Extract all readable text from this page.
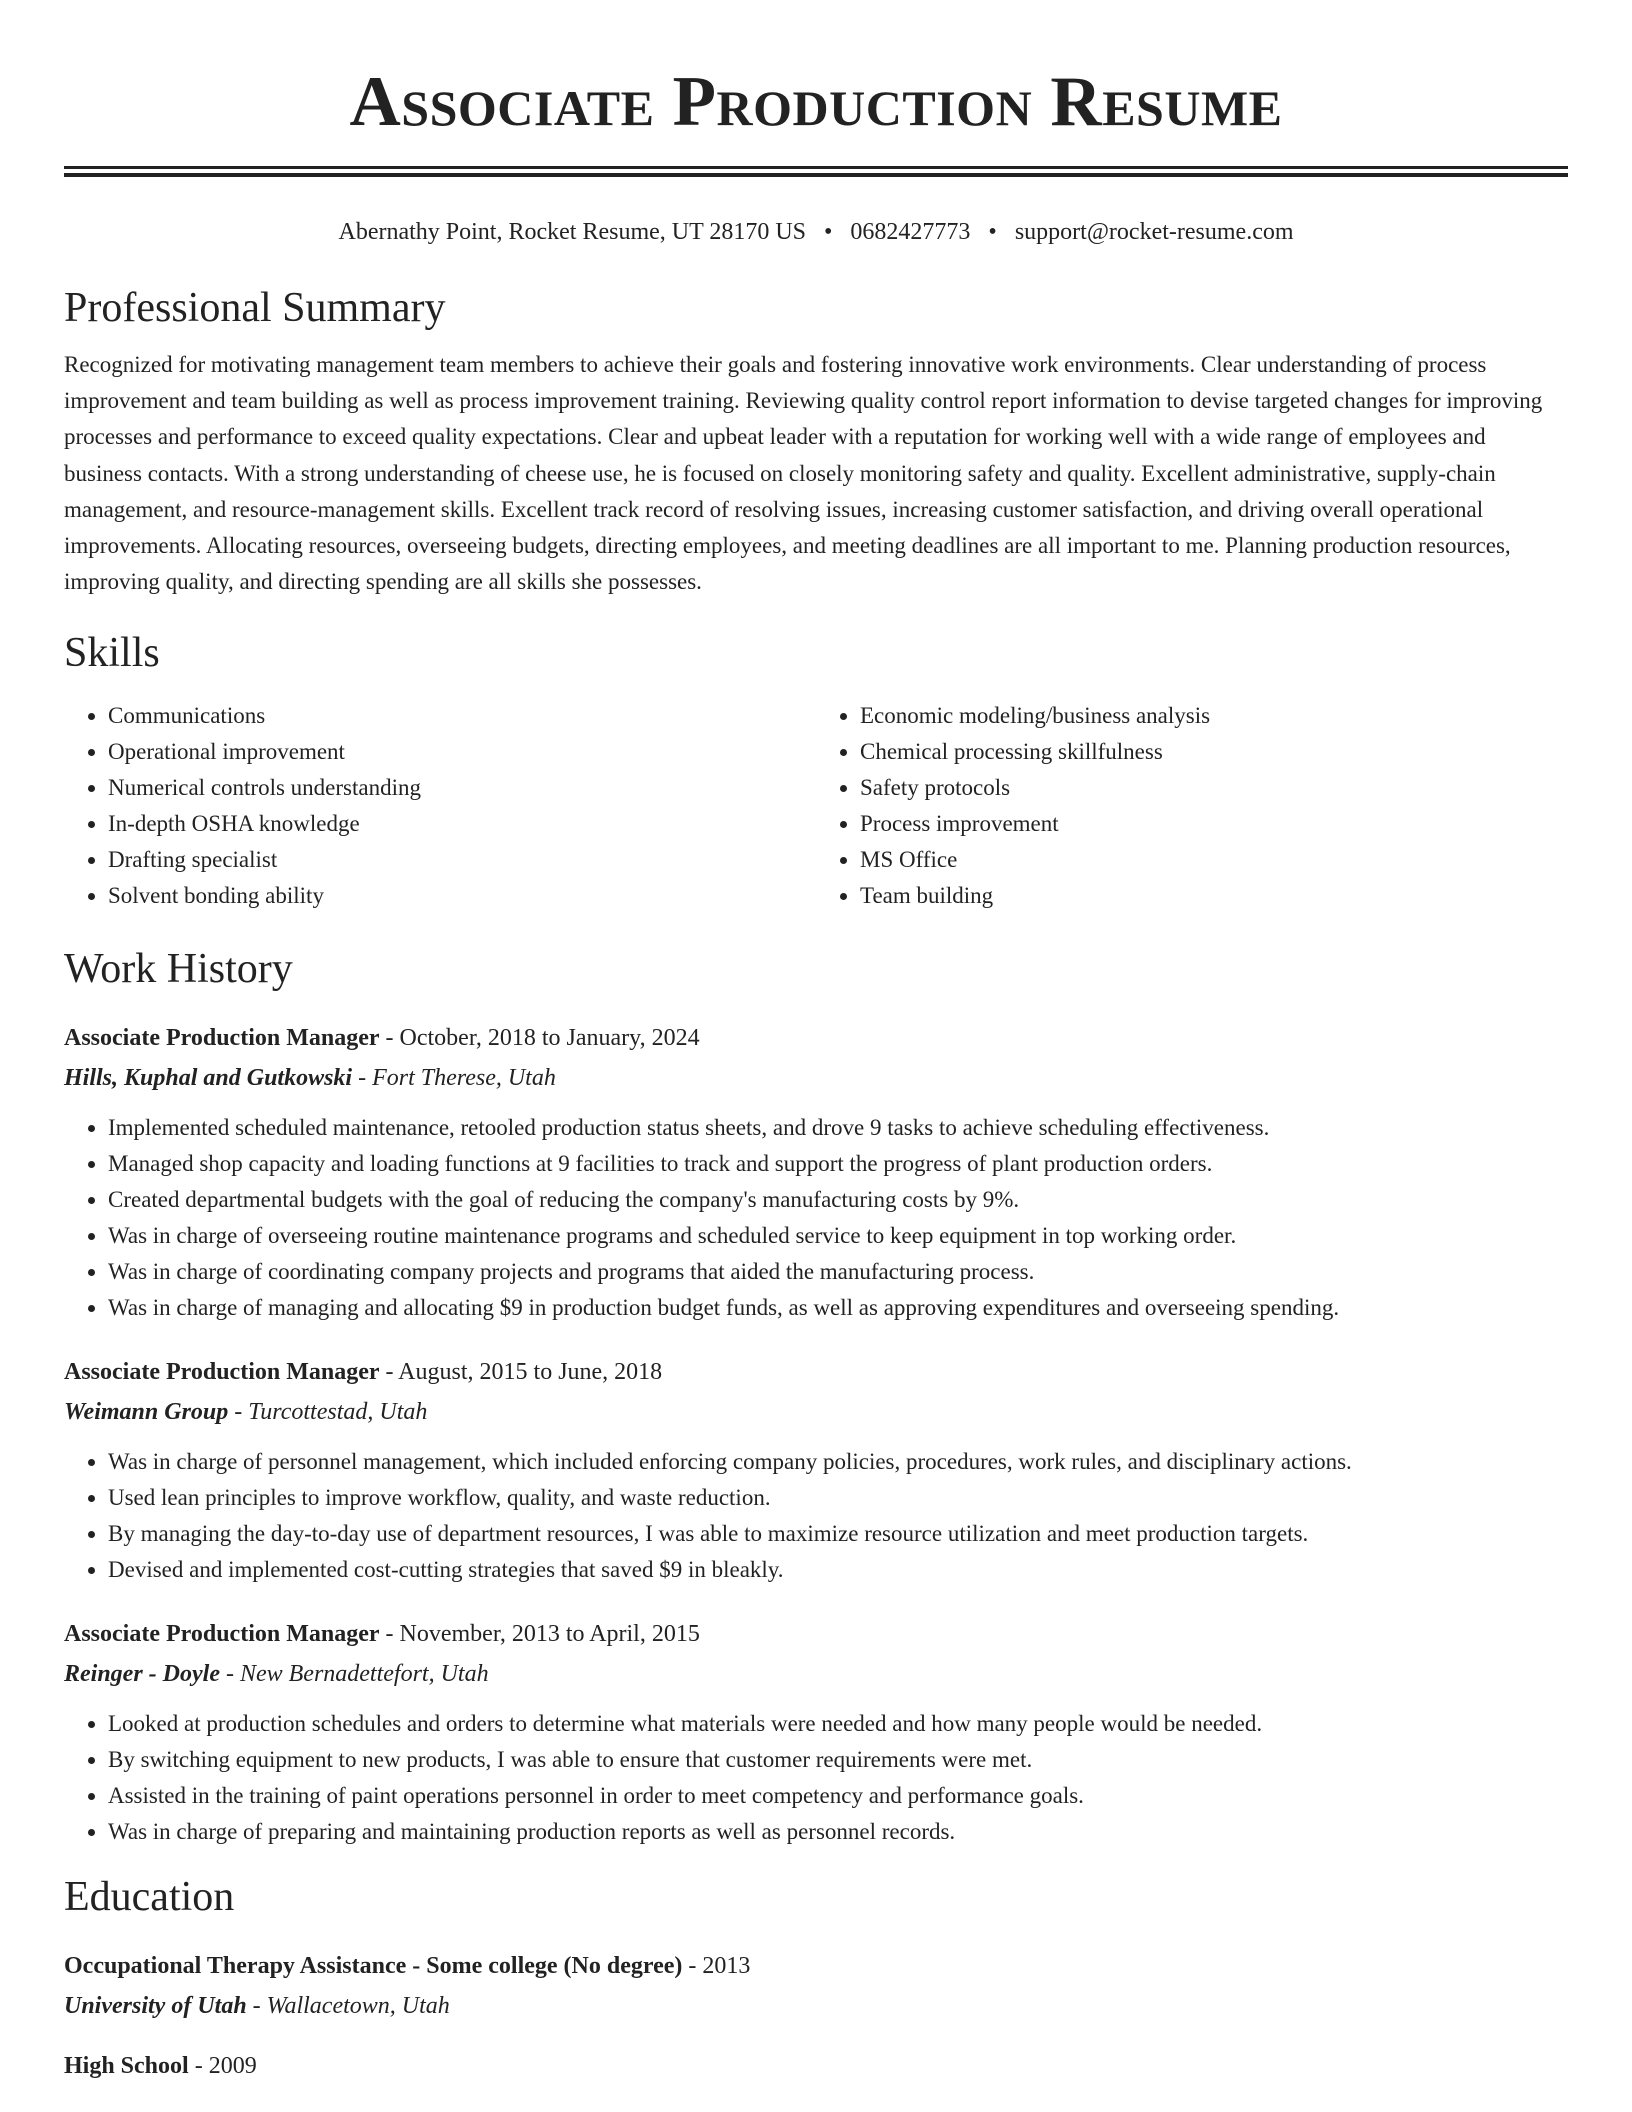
Associate Production Resume
Abernathy Point, Rocket Resume, UT 28170 US • 0682427773 • support@rocket-resume.com
Professional Summary

Recognized for motivating management team members to achieve their goals and fostering innovative work environments. Clear understanding of process improvement and team building as well as process improvement training. Reviewing quality control report information to devise targeted changes for improving processes and performance to exceed quality expectations. Clear and upbeat leader with a reputation for working well with a wide range of employees and business contacts. With a strong understanding of cheese use, he is focused on closely monitoring safety and quality. Excellent administrative, supply-chain management, and resource-management skills. Excellent track record of resolving issues, increasing customer satisfaction, and driving overall operational improvements. Allocating resources, overseeing budgets, directing employees, and meeting deadlines are all important to me. Planning production resources, improving quality, and directing spending are all skills she possesses.

Skills
• Communications
• Operational improvement
• Numerical controls understanding
• In-depth OSHA knowledge
• Drafting specialist
• Solvent bonding ability
• Economic modeling/business analysis
• Chemical processing skillfulness
• Safety protocols
• Process improvement
• MS Office
• Team building
Work History
Associate Production Manager - October, 2018 to January, 2024
Hills, Kuphal and Gutkowski - Fort Therese, Utah
• Implemented scheduled maintenance, retooled production status sheets, and drove 9 tasks to achieve scheduling effectiveness.
• Managed shop capacity and loading functions at 9 facilities to track and support the progress of plant production orders.
• Created departmental budgets with the goal of reducing the company's manufacturing costs by 9%.
• Was in charge of overseeing routine maintenance programs and scheduled service to keep equipment in top working order.
• Was in charge of coordinating company projects and programs that aided the manufacturing process.
• Was in charge of managing and allocating $9 in production budget funds, as well as approving expenditures and overseeing spending.
Associate Production Manager - August, 2015 to June, 2018
Weimann Group - Turcottestad, Utah
• Was in charge of personnel management, which included enforcing company policies, procedures, work rules, and disciplinary actions.
• Used lean principles to improve workflow, quality, and waste reduction.
• By managing the day-to-day use of department resources, I was able to maximize resource utilization and meet production targets.
• Devised and implemented cost-cutting strategies that saved $9 in bleakly.
Associate Production Manager - November, 2013 to April, 2015
Reinger - Doyle - New Bernadettefort, Utah
• Looked at production schedules and orders to determine what materials were needed and how many people would be needed.
• By switching equipment to new products, I was able to ensure that customer requirements were met.
• Assisted in the training of paint operations personnel in order to meet competency and performance goals.
• Was in charge of preparing and maintaining production reports as well as personnel records.
Education
Occupational Therapy Assistance - Some college (No degree) - 2013
University of Utah - Wallacetown, Utah
High School - 2009
